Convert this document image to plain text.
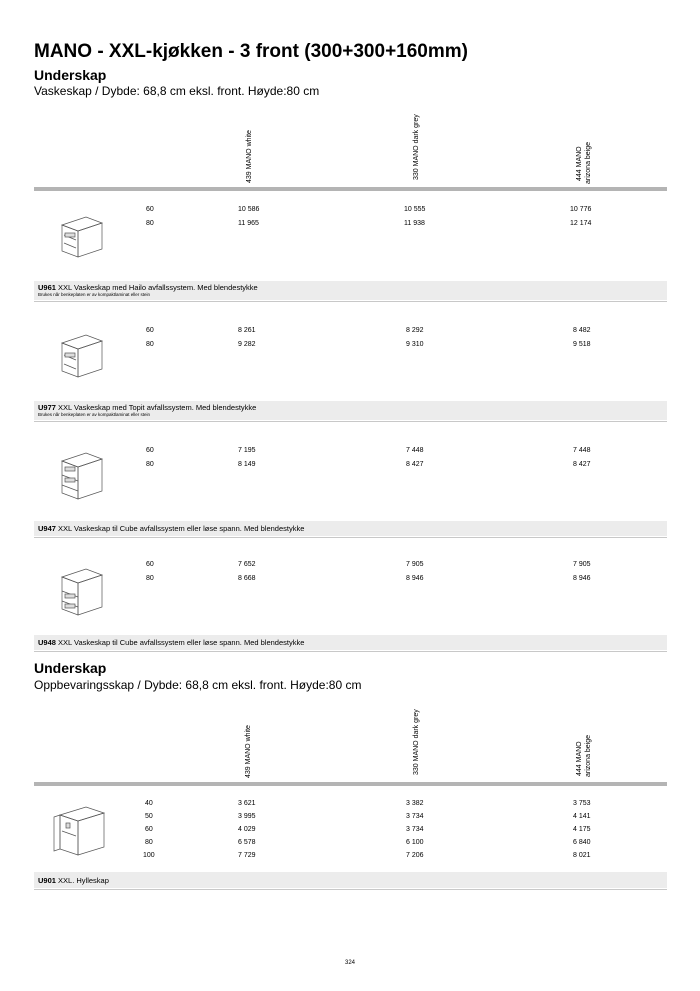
MANO - XXL-kjøkken - 3 front (300+300+160mm)
Underskap
Vaskeskap / Dybde: 68,8 cm eksl. front. Høyde:80 cm
439 MANO white	330 MANO dark grey	444 MANO arizona beige
60	10 586	10 555	10 776
80	11 965	11 938	12 174
U961 XXL Vaskeskap med Hailo avfallssystem. Med blendestykke
Brukes når benkeplaten er av kompaktlaminat eller stein
60	8 261	8 292	8 482
80	9 282	9 310	9 518
U977 XXL Vaskeskap med Topit avfallssystem. Med blendestykke
Brukes når benkeplaten er av kompaktlaminat eller stein
60	7 195	7 448	7 448
80	8 149	8 427	8 427
U947 XXL Vaskeskap til Cube avfallssystem eller løse spann. Med blendestykke
60	7 652	7 905	7 905
80	8 668	8 946	8 946
U948 XXL Vaskeskap til Cube avfallssystem eller løse spann. Med blendestykke
Underskap
Oppbevaringsskap / Dybde: 68,8 cm eksl. front. Høyde:80 cm
439 MANO white	330 MANO dark grey	444 MANO arizona beige
40	3 621	3 382	3 753
50	3 995	3 734	4 141
60	4 029	3 734	4 175
80	6 578	6 100	6 840
100	7 729	7 206	8 021
U901 XXL. Hylleskap
324
